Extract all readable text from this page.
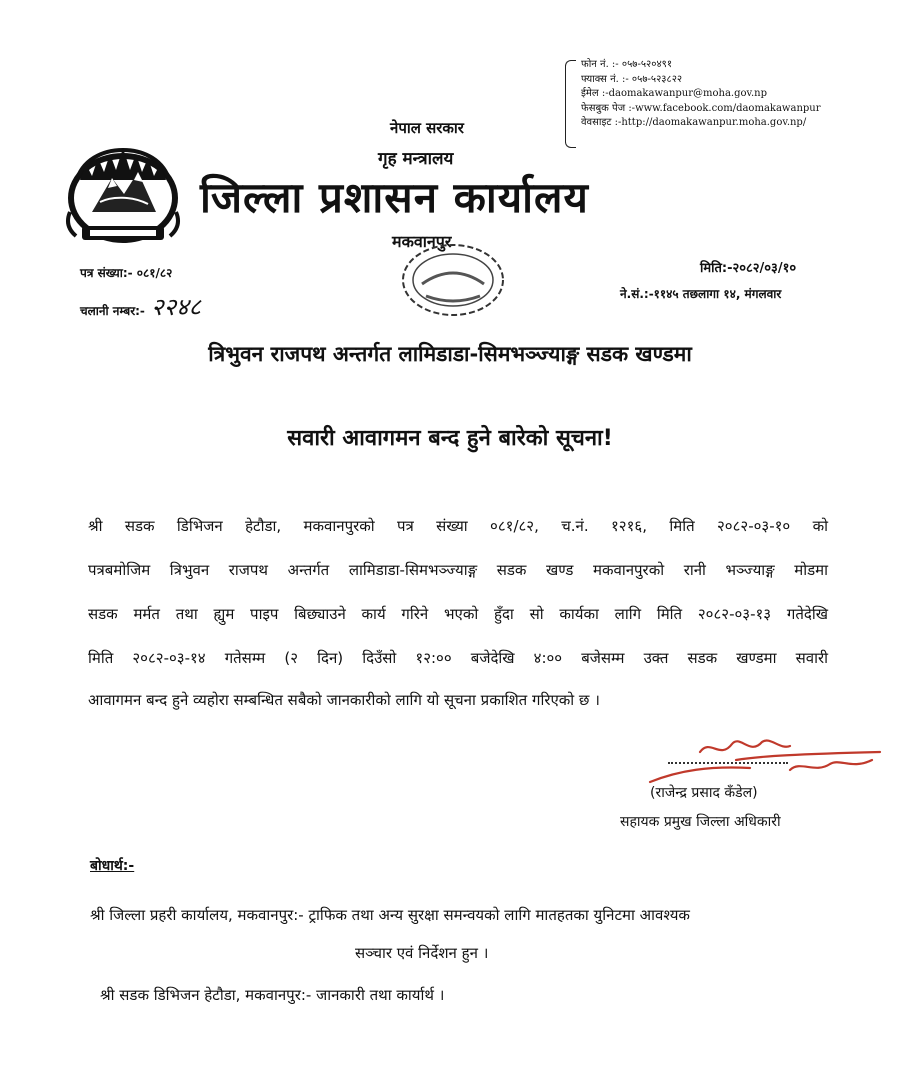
फोन नं. :- ०५७-५२०४९१
फ्याक्स नं. :- ०५७-५२३८२२
ईमेल :-daomakawanpur@moha.gov.np
फेसबुक पेज :-www.facebook.com/daomakawanpur
वेवसाइट :-http://daomakawanpur.moha.gov.np/
नेपाल सरकार
गृह मन्त्रालय
जिल्ला प्रशासन कार्यालय
मकवानपुर
पत्र संख्या:- ०८१/८२
चलानी नम्बर:- २२४८
मिति:-२०८२/०३/१०
ने.सं.:-११४५ तछलागा १४, मंगलवार
त्रिभुवन राजपथ अन्तर्गत लामिडाडा-सिमभञ्ज्याङ्ग सडक खण्डमा
सवारी आवागमन बन्द हुने बारेको सूचना!
श्री सडक डिभिजन हेटौडा, मकवानपुरको पत्र संख्या ०८१/८२, च.नं. १२१६, मिति २०८२-०३-१० को
पत्रबमोजिम त्रिभुवन राजपथ अन्तर्गत लामिडाडा-सिमभञ्ज्याङ्ग सडक खण्ड मकवानपुरको रानी भञ्ज्याङ्ग मोडमा
सडक मर्मत तथा ह्युम पाइप बिछ्याउने कार्य गरिने भएको हुँदा सो कार्यका लागि मिति २०८२-०३-१३ गतेदेखि
मिति २०८२-०३-१४ गतेसम्म (२ दिन) दिउँसो १२:०० बजेदेखि ४:०० बजेसम्म उक्त सडक खण्डमा सवारी
आवागमन बन्द हुने व्यहोरा सम्बन्धित सबैको जानकारीको लागि यो सूचना प्रकाशित गरिएको छ ।
(राजेन्द्र प्रसाद कँडेल)
सहायक प्रमुख जिल्ला अधिकारी
बोधार्थ:-
श्री जिल्ला प्रहरी कार्यालय, मकवानपुर:- ट्राफिक तथा अन्य सुरक्षा समन्वयको लागि मातहतका युनिटमा आवश्यक
सञ्चार एवं निर्देशन हुन ।
श्री सडक डिभिजन हेटौडा, मकवानपुर:- जानकारी तथा कार्यार्थ ।
